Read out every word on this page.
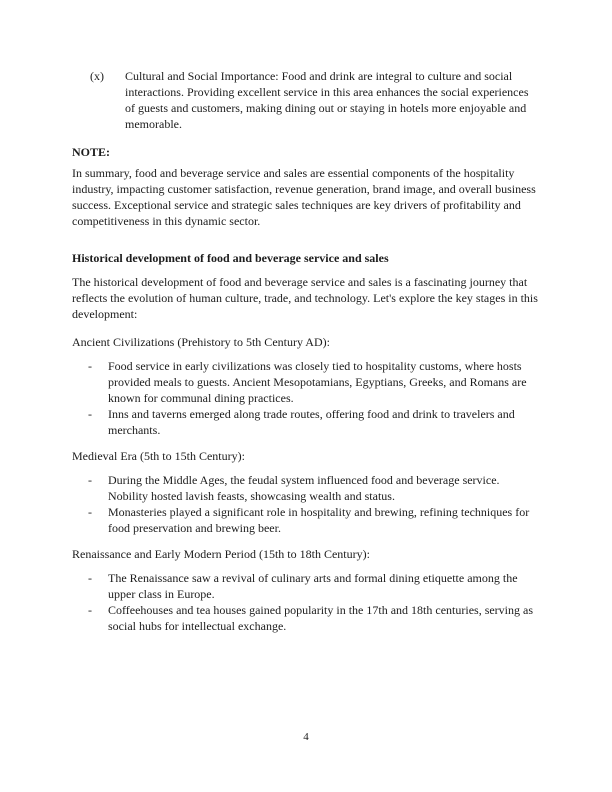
(x)	Cultural and Social Importance: Food and drink are integral to culture and social interactions. Providing excellent service in this area enhances the social experiences of guests and customers, making dining out or staying in hotels more enjoyable and memorable.
NOTE:
In summary, food and beverage service and sales are essential components of the hospitality industry, impacting customer satisfaction, revenue generation, brand image, and overall business success. Exceptional service and strategic sales techniques are key drivers of profitability and competitiveness in this dynamic sector.
Historical development of food and beverage service and sales
The historical development of food and beverage service and sales is a fascinating journey that reflects the evolution of human culture, trade, and technology. Let's explore the key stages in this development:
Ancient Civilizations (Prehistory to 5th Century AD):
-	Food service in early civilizations was closely tied to hospitality customs, where hosts provided meals to guests. Ancient Mesopotamians, Egyptians, Greeks, and Romans are known for communal dining practices.
-	Inns and taverns emerged along trade routes, offering food and drink to travelers and merchants.
Medieval Era (5th to 15th Century):
-	During the Middle Ages, the feudal system influenced food and beverage service. Nobility hosted lavish feasts, showcasing wealth and status.
-	Monasteries played a significant role in hospitality and brewing, refining techniques for food preservation and brewing beer.
Renaissance and Early Modern Period (15th to 18th Century):
-	The Renaissance saw a revival of culinary arts and formal dining etiquette among the upper class in Europe.
-	Coffeehouses and tea houses gained popularity in the 17th and 18th centuries, serving as social hubs for intellectual exchange.
4
